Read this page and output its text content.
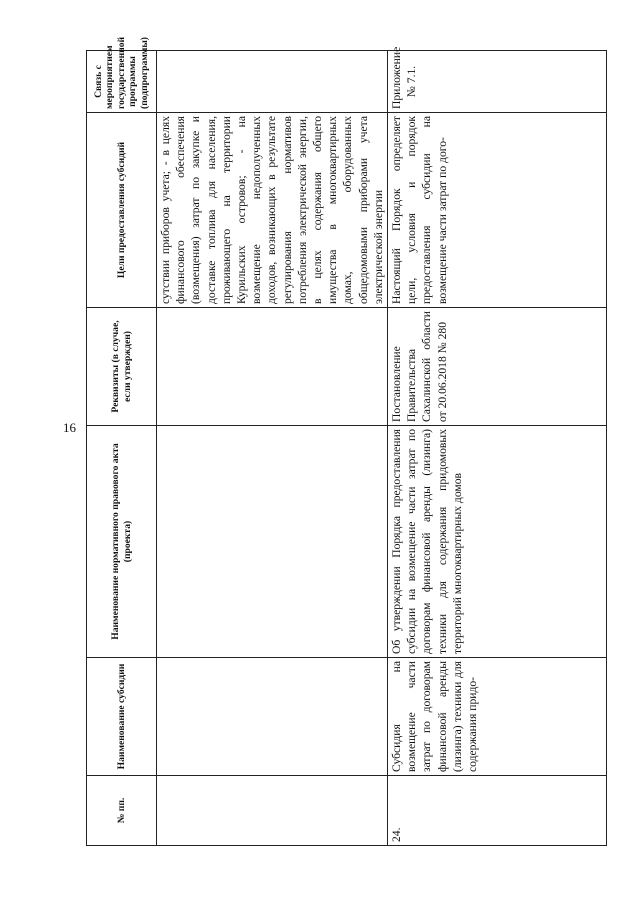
16
№ пп.	Наименование субсидии	Наименование нормативного правового акта (проекта)	Реквизиты (в случае, если утвержден)	Цели предоставления субсидий	Связь с мероприятием государственной программы (подпрограммы)
				сутствии приборов учета; - в целях финансового обеспечения (возмещения) затрат по закупке и доставке топлива для населения, проживающего на территории Курильских островов; - на возмещение недополученных доходов, возникающих в результате регулирования нормативов потребления электрической энергии, в целях содержания общего имущества в многоквартирных домах, оборудованных общедомовыми приборами учета электрической энергии	
24.	Субсидия на возмещение части затрат по договорам финансовой аренды (лизинга) техники для содержания придо-	Об утверждении Порядка предоставления субсидии на возмещение части затрат по договорам финансовой аренды (лизинга) техники для содержания придомовых территорий многоквартирных домов	Постановление Правительства Сахалинской области от 20.06.2018 № 280	Настоящий Порядок определяет цели, условия и порядок предоставления субсидии на возмещение части затрат по дого-	Приложение № 7.1.
